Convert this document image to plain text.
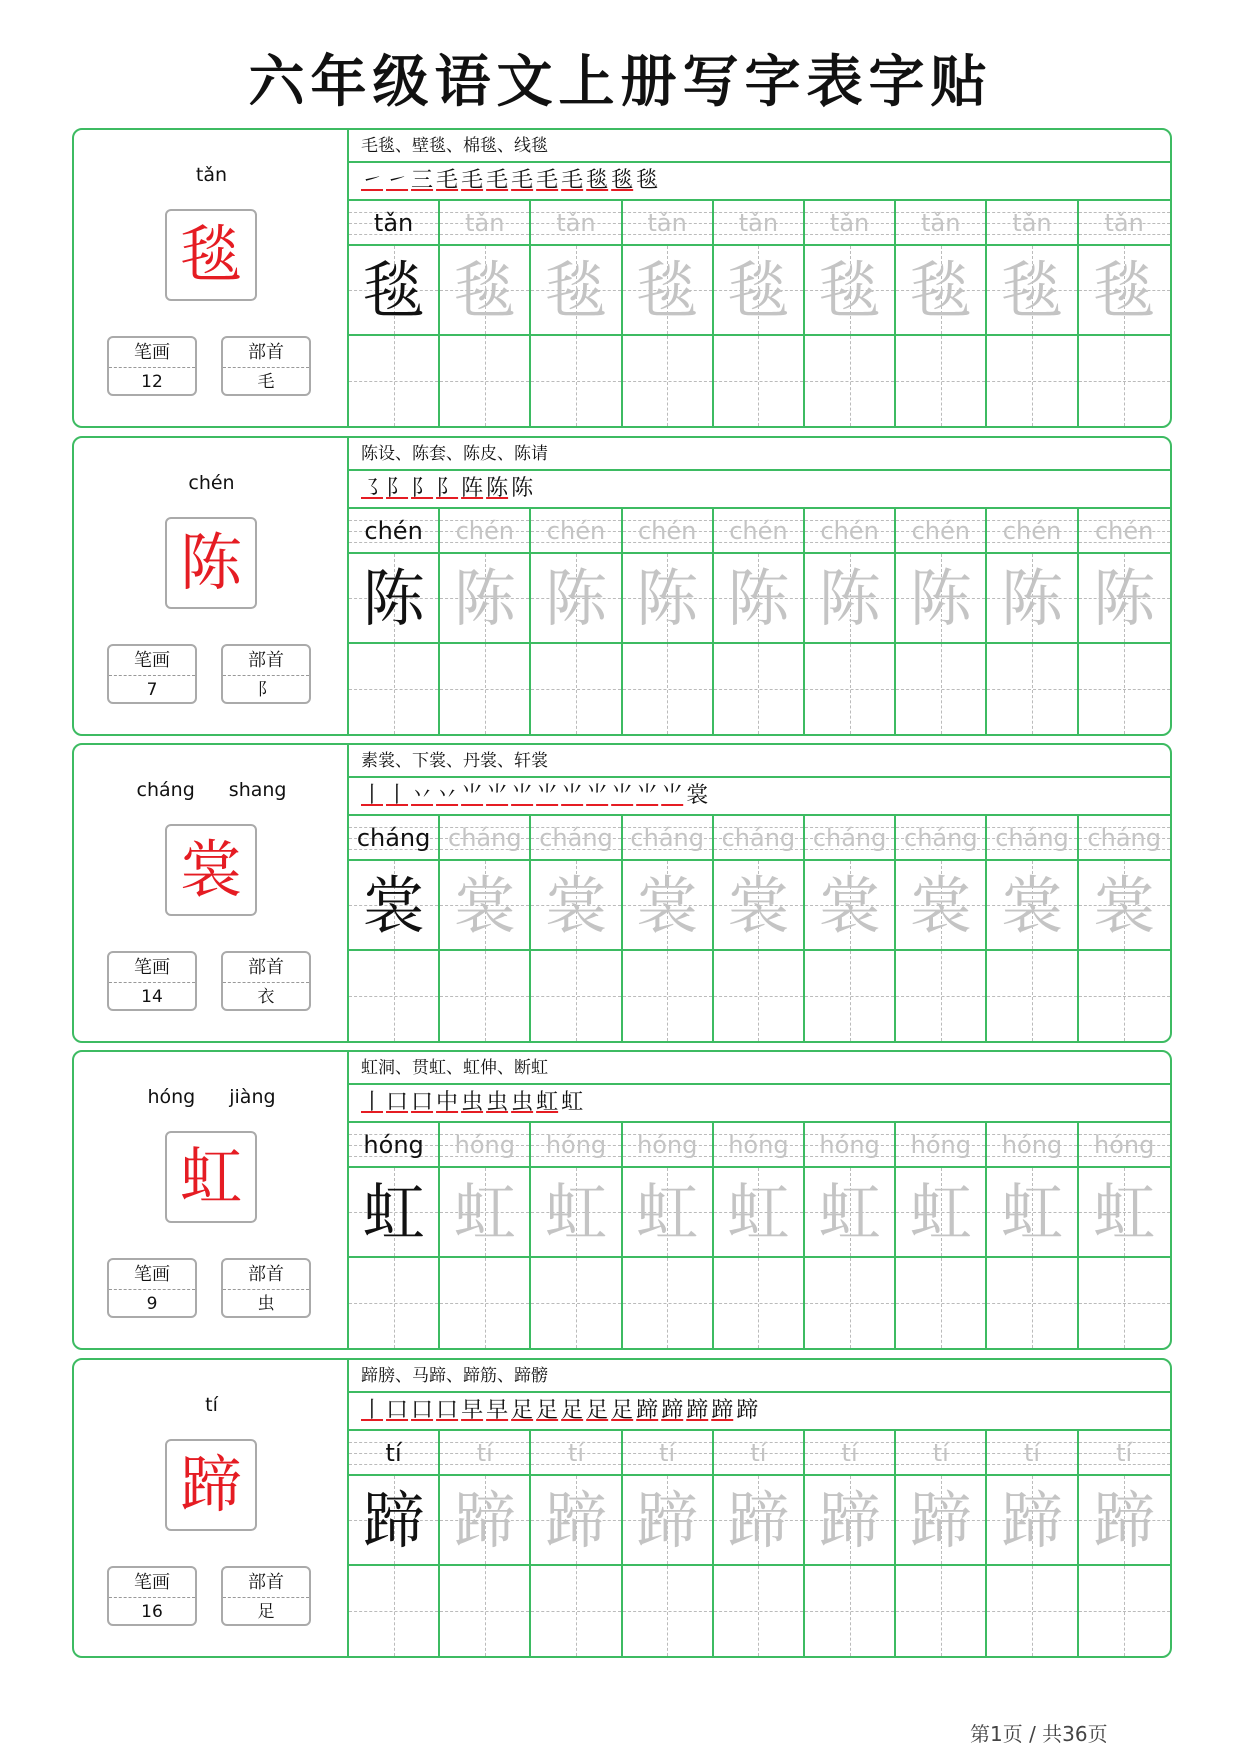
六年级语文上册写字表字贴
tǎn
毯
笔画
12
部首
毛
毛毯、壁毯、棉毯、线毯
㇀ ㇀ 三 毛 毛 毛 毛 毛 毛 毯 毯 毯
tǎn
毯
tǎn
毯
tǎn
毯
tǎn
毯
tǎn
毯
tǎn
毯
tǎn
毯
tǎn
毯
tǎn
毯
chén
陈
笔画
7
部首
阝
陈设、陈套、陈皮、陈请
㇌ 阝 阝 阝 阵 陈 陈
chén
陈
chén
陈
chén
陈
chén
陈
chén
陈
chén
陈
chén
陈
chén
陈
chén
陈
cháng shang
裳
笔画
14
部首
衣
素裳、下裳、丹裳、轩裳
丨 丨 丷 丷 ⺌ ⺌ ⺌ ⺌ ⺌ ⺌ ⺌ ⺌ ⺌ 裳
cháng
裳
cháng
裳
cháng
裳
cháng
裳
cháng
裳
cháng
裳
cháng
裳
cháng
裳
cháng
裳
hóng jiàng
虹
笔画
9
部首
虫
虹洞、贯虹、虹伸、断虹
丨 口 口 中 虫 虫 虫 虹 虹
hóng
虹
hóng
虹
hóng
虹
hóng
虹
hóng
虹
hóng
虹
hóng
虹
hóng
虹
hóng
虹
tí
蹄
笔画
16
部首
足
蹄膀、马蹄、蹄筋、蹄髈
丨 口 口 口 早 早 足 足 足 足 足 蹄 蹄 蹄 蹄 蹄
tí
蹄
tí
蹄
tí
蹄
tí
蹄
tí
蹄
tí
蹄
tí
蹄
tí
蹄
tí
蹄
第1页 / 共36页
